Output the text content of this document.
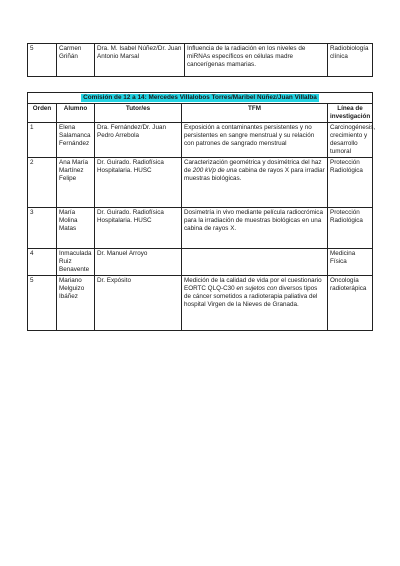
5	Carmen Griñán	Dra. M. Isabel Núñez/Dr. Juan Antonio Marsal	Influencia de la radiación en los niveles de miRNAs específicos en células madre cancerígenas mamarias.	Radiobiología clínica
Comisión de 12 a 14: Mercedes Villalobos Torres/Maribel Núñez/Juan Villalba				
Orden	Alumno	Tutor/es	TFM	Línea de investigación
1	Elena Salamanca Fernández	Dra. Fernández/Dr. Juan Pedro Arrebola	Exposición a contaminantes persistentes y no persistentes en sangre menstrual y su relación con patrones de sangrado menstrual	Carcinogénesis, crecimiento y desarrollo tumoral
2	Ana María Martínez Felipe	Dr. Guirado. Radiofísica Hospitalaria. HUSC	Caracterización geométrica y dosimétrica del haz de 200 kVp de una cabina de rayos X para irradiar muestras biológicas.	Protección Radiológica
3	María Molina Matas	Dr. Guirado. Radiofísica Hospitalaria. HUSC	Dosimetría in vivo mediante película radiocrómica para la irradiación de muestras biológicas en una cabina de rayos X.	Protección Radiológica
4	Inmaculada Ruiz Benavente	Dr. Manuel Arroyo		Medicina Física
5	Mariano Melguizo Ibáñez	Dr. Expósito	Medición de la calidad de vida por el cuestionario EORTC QLQ-C30 en sujetos con diversos tipos de cáncer sometidos a radioterapia paliativa del hospital Virgen de la Nieves de Granada.	Oncología radioterápica
